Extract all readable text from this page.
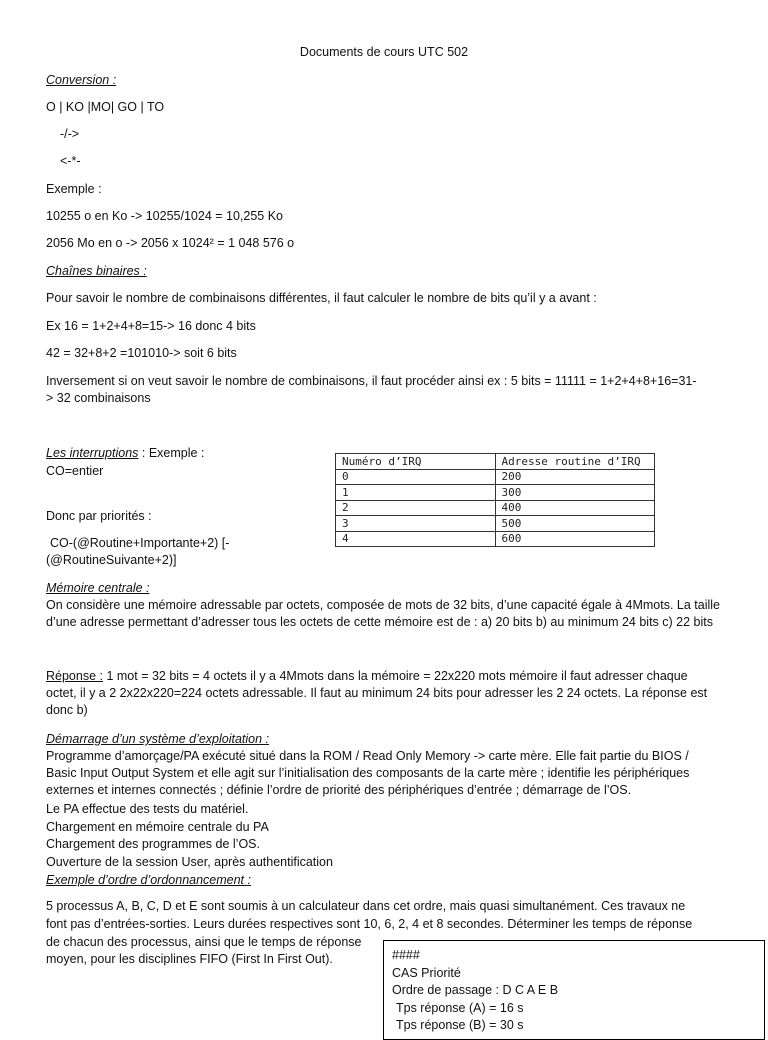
Documents de cours UTC 502
Conversion :
O | KO |MO| GO | TO
-/->
<-*-
Exemple :
10255 o en Ko -> 10255/1024 = 10,255 Ko
2056 Mo en o -> 2056 x 1024² = 1 048 576 o
Chaînes binaires :
Pour savoir le nombre de combinaisons différentes, il faut calculer le nombre de bits qu’il y a avant :
Ex 16 = 1+2+4+8=15-> 16 donc 4 bits
42 = 32+8+2 =101010-> soit 6 bits
Inversement si on veut savoir le nombre de combinaisons, il faut procéder ainsi ex : 5 bits = 11111 = 1+2+4+8+16=31-
> 32 combinaisons
Les interruptions : Exemple :
CO=entier
Donc par priorités :
CO-(@Routine+Importante+2) [-
(@RoutineSuivante+2)]
Numéro d’IRQ	Adresse routine d’IRQ
0	200
1	300
2	400
3	500
4	600
Mémoire centrale :
On considère une mémoire adressable par octets, composée de mots de 32 bits, d’une capacité égale à 4Mmots. La taille d’une adresse permettant d’adresser tous les octets de cette mémoire est de : a) 20 bits b) au minimum 24 bits c) 22 bits
Réponse : 1 mot = 32 bits = 4 octets il y a 4Mmots dans la mémoire = 22x220 mots mémoire il faut adresser chaque octet, il y a 2 2x22x220=224 octets adressable. Il faut au minimum 24 bits pour adresser les 2 24 octets. La réponse est donc b)
Démarrage d’un système d’exploitation :
Programme d’amorçage/PA exécuté situé dans la ROM / Read Only Memory -> carte mère. Elle fait partie du BIOS / Basic Input Output System et elle agit sur l’initialisation des composants de la carte mère ; identifie les périphériques externes et internes connectés ; définie l’ordre de priorité des périphériques d’entrée ; démarrage de l’OS.
Le PA effectue des tests du matériel.
Chargement en mémoire centrale du PA
Chargement des programmes de l’OS.
Ouverture de la session User, après authentification
Exemple d’ordre d’ordonnancement :
5 processus A, B, C, D et E sont soumis à un calculateur dans cet ordre, mais quasi simultanément. Ces travaux ne
font pas d’entrées-sorties. Leurs durées respectives sont 10, 6, 2, 4 et 8 secondes. Déterminer les temps de réponse
de chacun des processus, ainsi que le temps de réponse
moyen, pour les disciplines FIFO (First In First Out).	####
CAS Priorité
Ordre de passage : D C A E B
Tps réponse (A) = 16 s
Tps réponse (B) = 30 s
